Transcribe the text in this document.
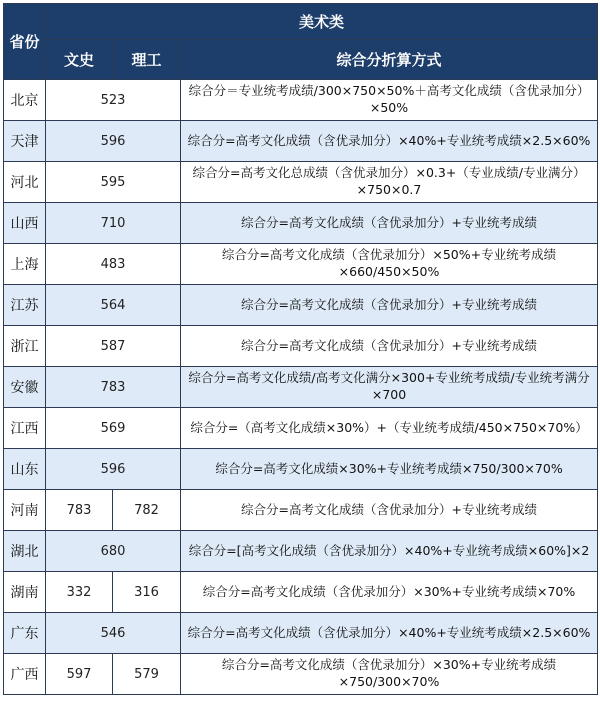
省份	美术类		
	文史	理工	综合分折算方式
北京	523		综合分＝专业统考成绩/300×750×50%＋高考文化成绩（含优录加分）×50%
天津	596		综合分=高考文化成绩（含优录加分）×40%+专业统考成绩×2.5×60%
河北	595		综合分=高考文化总成绩（含优录加分）×0.3+（专业成绩/专业满分）×750×0.7
山西	710		综合分=高考文化成绩（含优录加分）+专业统考成绩
上海	483		综合分=高考文化成绩（含优录加分）×50%+专业统考成绩×660/450×50%
江苏	564		综合分=高考文化成绩（含优录加分）+专业统考成绩
浙江	587		综合分=高考文化成绩（含优录加分）+专业统考成绩
安徽	783		综合分=高考文化成绩/高考文化满分×300+专业统考成绩/专业统考满分×700
江西	569		综合分=（高考文化成绩×30%）+（专业统考成绩/450×750×70%）
山东	596		综合分=高考文化成绩×30%+专业统考成绩×750/300×70%
河南	783	782	综合分=高考文化成绩（含优录加分）+专业统考成绩
湖北	680		综合分=[高考文化成绩（含优录加分）×40%+专业统考成绩×60%]×2
湖南	332	316	综合分=高考文化成绩（含优录加分）×30%+专业统考成绩×70%
广东	546		综合分=高考文化成绩（含优录加分）×40%+专业统考成绩×2.5×60%
广西	597	579	综合分=高考文化成绩（含优录加分）×30%+专业统考成绩×750/300×70%
